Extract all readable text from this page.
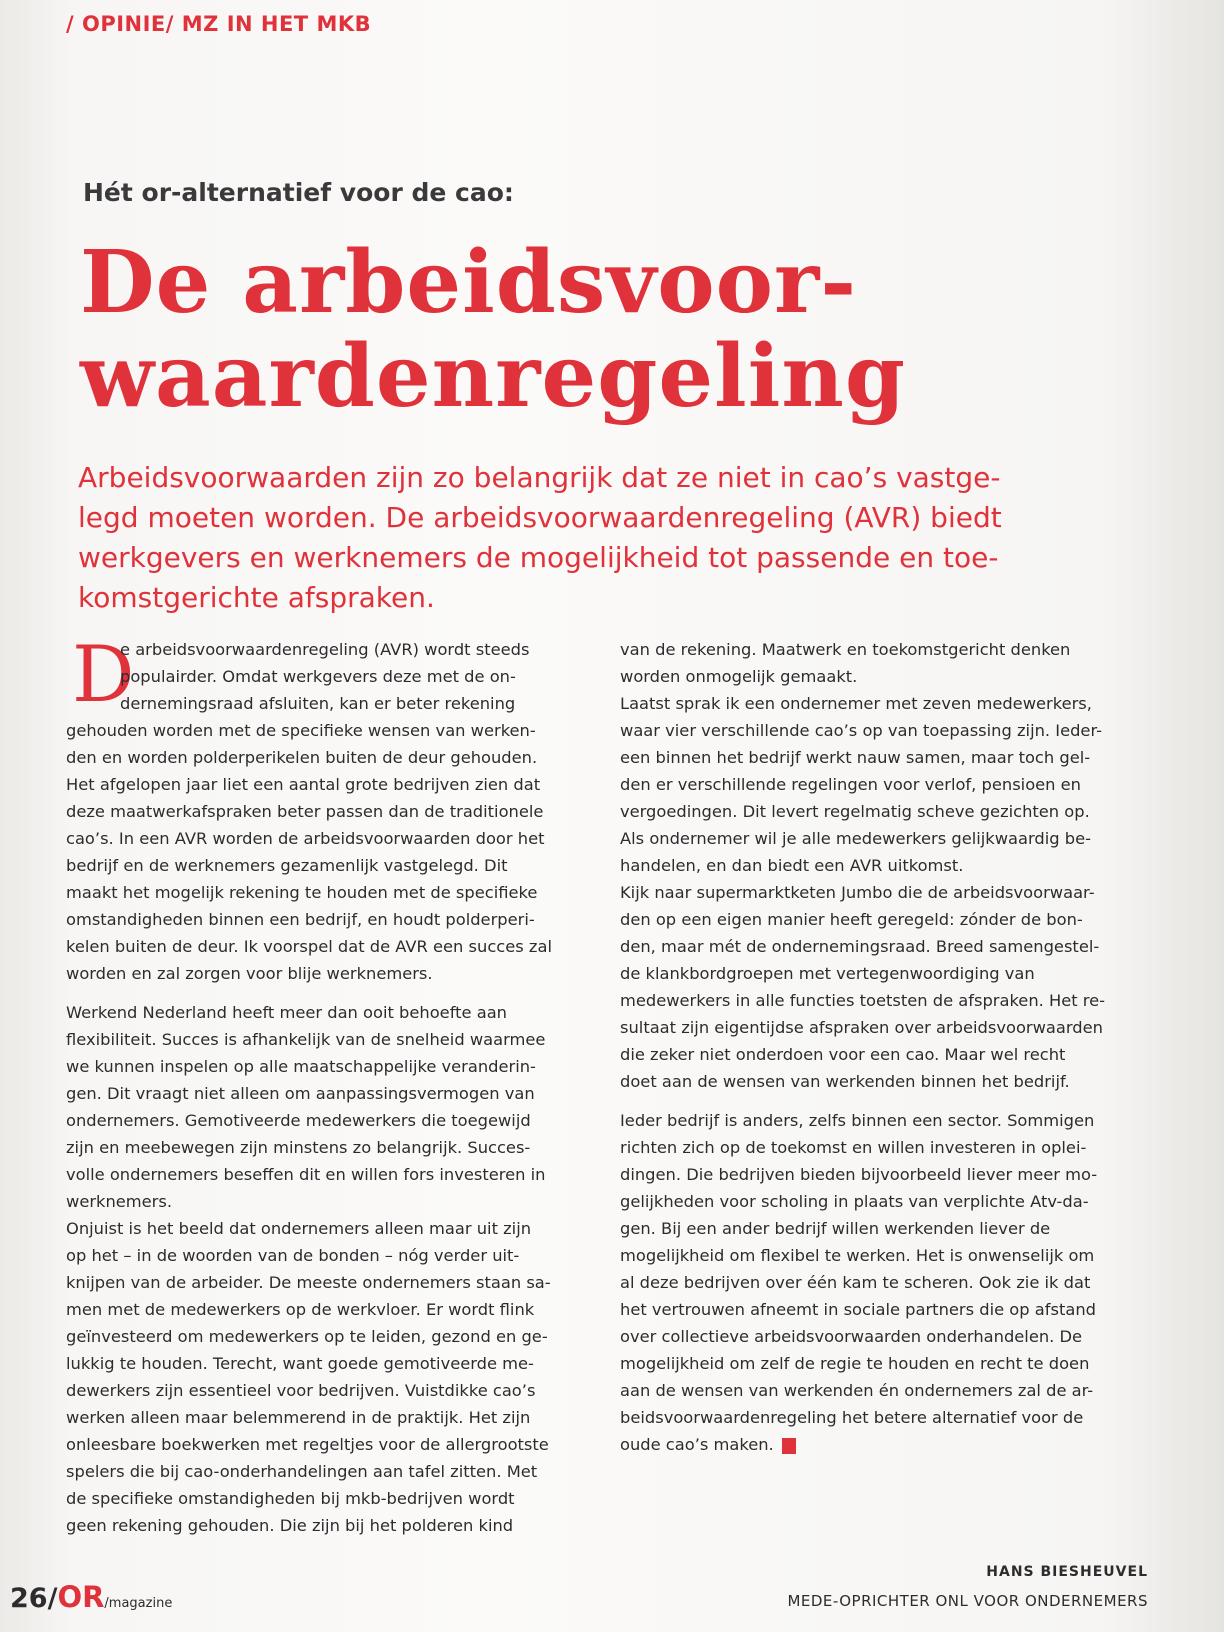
/ OPINIE/ MZ IN HET MKB
Hét or-alternatief voor de cao:
De arbeidsvoor-
waardenregeling
Arbeidsvoorwaarden zijn zo belangrijk dat ze niet in cao’s vastge-
legd moeten worden. De arbeidsvoorwaardenregeling (AVR) biedt
werkgevers en werknemers de mogelijkheid tot passende en toe-
komstgerichte afspraken.
D
e arbeidsvoorwaardenregeling (AVR) wordt steeds
populairder. Omdat werkgevers deze met de on-
dernemingsraad afsluiten, kan er beter rekening
gehouden worden met de specifieke wensen van werken-
den en worden polderperikelen buiten de deur gehouden.
Het afgelopen jaar liet een aantal grote bedrijven zien dat
deze maatwerkafspraken beter passen dan de traditionele
cao’s. In een AVR worden de arbeidsvoorwaarden door het
bedrijf en de werknemers gezamenlijk vastgelegd. Dit
maakt het mogelijk rekening te houden met de specifieke
omstandigheden binnen een bedrijf, en houdt polderperi-
kelen buiten de deur. Ik voorspel dat de AVR een succes zal
worden en zal zorgen voor blije werknemers.
Werkend Nederland heeft meer dan ooit behoefte aan
flexibiliteit. Succes is afhankelijk van de snelheid waarmee
we kunnen inspelen op alle maatschappelijke veranderin-
gen. Dit vraagt niet alleen om aanpassingsvermogen van
ondernemers. Gemotiveerde medewerkers die toegewijd
zijn en meebewegen zijn minstens zo belangrijk. Succes-
volle ondernemers beseffen dit en willen fors investeren in
werknemers.
Onjuist is het beeld dat ondernemers alleen maar uit zijn
op het – in de woorden van de bonden – nóg verder uit-
knijpen van de arbeider. De meeste ondernemers staan sa-
men met de medewerkers op de werkvloer. Er wordt flink
geïnvesteerd om medewerkers op te leiden, gezond en ge-
lukkig te houden. Terecht, want goede gemotiveerde me-
dewerkers zijn essentieel voor bedrijven. Vuistdikke cao’s
werken alleen maar belemmerend in de praktijk. Het zijn
onleesbare boekwerken met regeltjes voor de allergrootste
spelers die bij cao-onderhandelingen aan tafel zitten. Met
de specifieke omstandigheden bij mkb-bedrijven wordt
geen rekening gehouden. Die zijn bij het polderen kind
van de rekening. Maatwerk en toekomstgericht denken
worden onmogelijk gemaakt.
Laatst sprak ik een ondernemer met zeven medewerkers,
waar vier verschillende cao’s op van toepassing zijn. Ieder-
een binnen het bedrijf werkt nauw samen, maar toch gel-
den er verschillende regelingen voor verlof, pensioen en
vergoedingen. Dit levert regelmatig scheve gezichten op.
Als ondernemer wil je alle medewerkers gelijkwaardig be-
handelen, en dan biedt een AVR uitkomst.
Kijk naar supermarktketen Jumbo die de arbeidsvoorwaar-
den op een eigen manier heeft geregeld: zónder de bon-
den, maar mét de ondernemingsraad. Breed samengestel-
de klankbordgroepen met vertegenwoordiging van
medewerkers in alle functies toetsten de afspraken. Het re-
sultaat zijn eigentijdse afspraken over arbeidsvoorwaarden
die zeker niet onderdoen voor een cao. Maar wel recht
doet aan de wensen van werkenden binnen het bedrijf.
Ieder bedrijf is anders, zelfs binnen een sector. Sommigen
richten zich op de toekomst en willen investeren in oplei-
dingen. Die bedrijven bieden bijvoorbeeld liever meer mo-
gelijkheden voor scholing in plaats van verplichte Atv-da-
gen. Bij een ander bedrijf willen werkenden liever de
mogelijkheid om flexibel te werken. Het is onwenselijk om
al deze bedrijven over één kam te scheren. Ook zie ik dat
het vertrouwen afneemt in sociale partners die op afstand
over collectieve arbeidsvoorwaarden onderhandelen. De
mogelijkheid om zelf de regie te houden en recht te doen
aan de wensen van werkenden én ondernemers zal de ar-
beidsvoorwaardenregeling het betere alternatief voor de
oude cao’s maken.
26/OR/magazine
HANS BIESHEUVEL
MEDE-OPRICHTER ONL VOOR ONDERNEMERS
